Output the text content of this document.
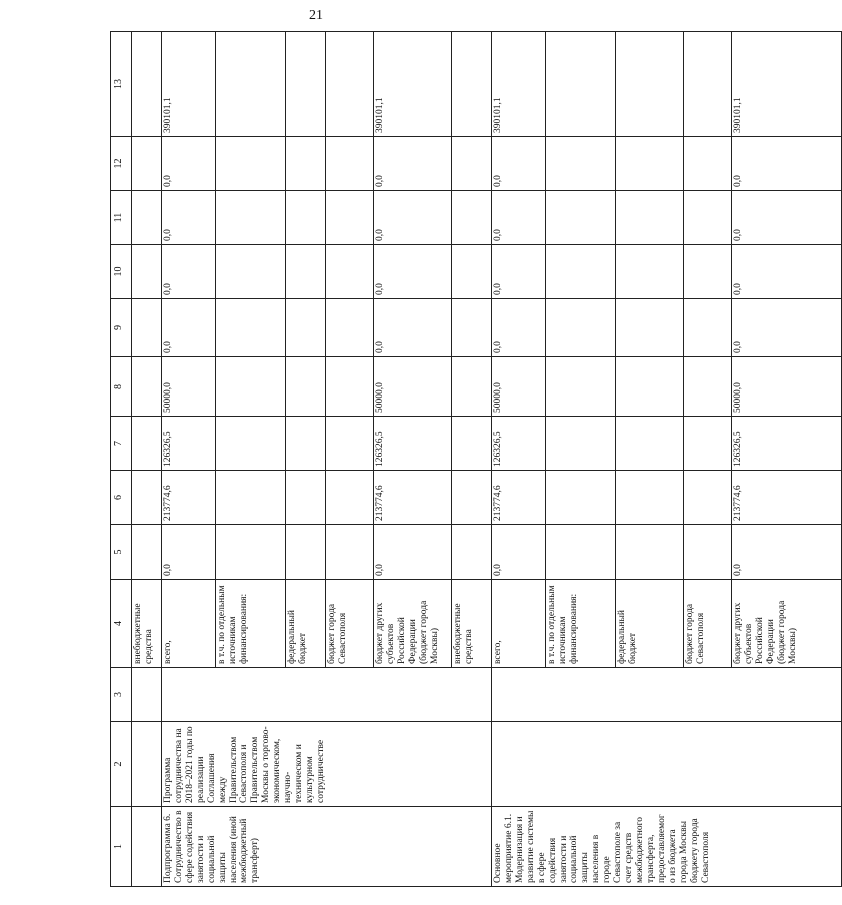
21
1	2	3	4	5	6	7	8	9	10	11	12	13
			внебюджетные средства									
Подпрограмма 6. Сотрудничество в сфере содействия занятости и социальной защиты населения (иной межбюджетный трансферт)	Программа сотрудничества на 2018–2021 годы по реализации Соглашения между Правительством Севастополя и Правительством Москвы о торгово-экономическом, научно-техническом и культурном сотрудничестве		всего,	0,0	213774,6	126326,5	50000,0	0,0	0,0	0,0	0,0	390101,1
			в т.ч. по отдельным источникам финансирования:									
			федеральный бюджет									
			бюджет города Севастополя									
			бюджет других субъектов Российской Федерации (бюджет города Москвы)	0,0	213774,6	126326,5	50000,0	0,0	0,0	0,0	0,0	390101,1
			внебюджетные средства									
Основное мероприятие 6.1. Модернизация и развитие системы в сфере содействия занятости и социальной защиты населения в городе Севастополе за счет средств межбюджетного трансферта, предоставляемого из бюджета города Москвы бюджету города Севастополя			всего,	0,0	213774,6	126326,5	50000,0	0,0	0,0	0,0	0,0	390101,1
			в т.ч. по отдельным источникам финансирования:									
			федеральный бюджет									
			бюджет города Севастополя									
			бюджет других субъектов Российской Федерации (бюджет города Москвы)	0,0	213774,6	126326,5	50000,0	0,0	0,0	0,0	0,0	390101,1
